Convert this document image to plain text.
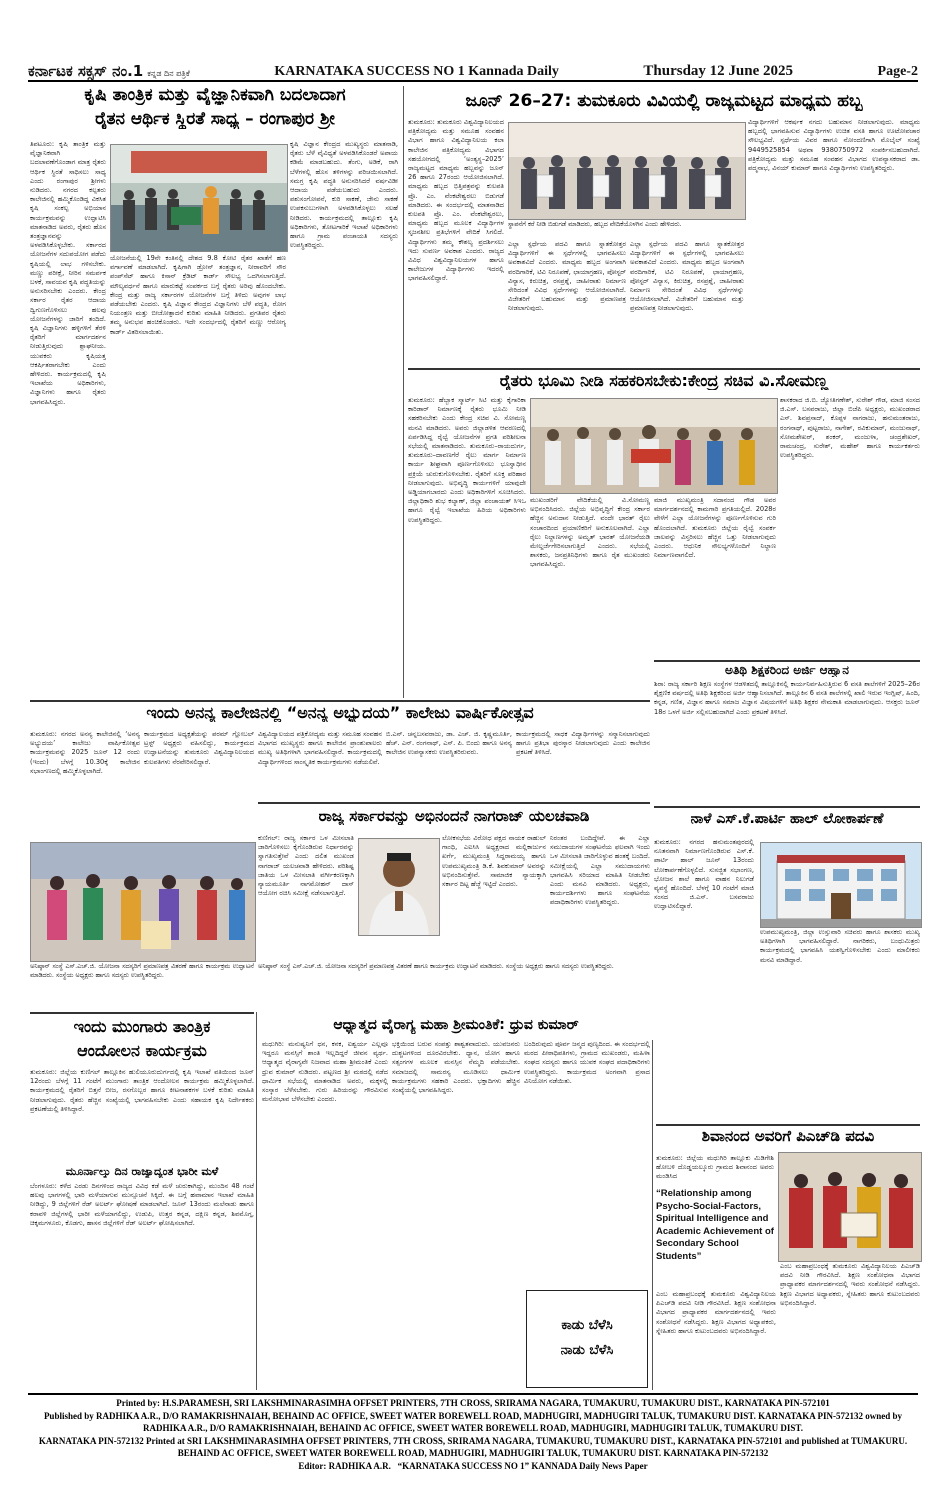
ಕರ್ನಾಟಕ ಸಕ್ಸಸ್ ನಂ.1 ಕನ್ನಡ ದಿನ ಪತ್ರಿಕೆ	KARNATAKA SUCCESS NO 1 Kannada Daily	Thursday 12 June 2025	Page-2
ಕೃಷಿ ತಾಂತ್ರಿಕ ಮತ್ತು ವೈಜ್ಞಾನಿಕವಾಗಿ ಬದಲಾದಾಗ
ರೈತನ ಆರ್ಥಿಕ ಸ್ಥಿರತೆ ಸಾಧ್ಯ – ರಂಗಾಪುರ ಶ್ರೀ
ತಿಪಟೂರು: ಕೃಷಿ ತಾಂತ್ರಿಕ ಮತ್ತು ವೈಜ್ಞಾನಿಕವಾಗಿ ಬದಲಾವಣೆಗೊಂಡಾಗ ಮಾತ್ರ ರೈತರು ಆರ್ಥಿಕ ಸ್ಥಿರತೆ ಸಾಧಿಸಲು ಸಾಧ್ಯ ಎಂದು ರಂಗಾಪುರ ಶ್ರೀಗಳು ನುಡಿದರು. ನಗರದ ಕಲ್ಪತರು ಕಾಲೇಜಿನಲ್ಲಿ ಹಮ್ಮಿಕೊಂಡಿದ್ದ ವಿಕಸಿತ ಕೃಷಿ ಸಂಕಲ್ಪ ಅಭಿಯಾನ ಕಾರ್ಯಕ್ರಮವನ್ನು ಉದ್ಘಾಟಿಸಿ ಮಾತನಾಡಿದ ಅವರು, ರೈತರು ಹೊಸ ತಂತ್ರಜ್ಞಾನವನ್ನು ಅಳವಡಿಸಿಕೊಳ್ಳಬೇಕು. ಸರ್ಕಾರದ ಯೋಜನೆಗಳ ಸದುಪಯೋಗ ಪಡೆದು ಕೃಷಿಯಲ್ಲಿ ಲಾಭ ಗಳಿಸಬೇಕು. ಮಣ್ಣು ಪರೀಕ್ಷೆ, ನೀರಿನ ಸಮರ್ಪಕ ಬಳಕೆ, ಸಾವಯವ ಕೃಷಿ ಪದ್ಧತಿಯನ್ನು ಅನುಸರಿಸಬೇಕು ಎಂದರು. ಕೇಂದ್ರ ಸರ್ಕಾರ ರೈತರ ಆದಾಯ ದ್ವಿಗುಣಗೊಳಿಸಲು ಹಲವು ಯೋಜನೆಗಳನ್ನು ಜಾರಿಗೆ ತಂದಿದೆ. ಕೃಷಿ ವಿಜ್ಞಾನಿಗಳು ಹಳ್ಳಿಗಳಿಗೆ ತೆರಳಿ ರೈತರಿಗೆ ಮಾರ್ಗದರ್ಶನ ನೀಡುತ್ತಿರುವುದು ಶ್ಲಾಘನೀಯ. ಯುವಕರು ಕೃಷಿಯತ್ತ ಆಕರ್ಷಿತರಾಗಬೇಕು ಎಂದು ಹೇಳಿದರು. ಕಾರ್ಯಕ್ರಮದಲ್ಲಿ ಕೃಷಿ ಇಲಾಖೆಯ ಅಧಿಕಾರಿಗಳು, ವಿಜ್ಞಾನಿಗಳು ಹಾಗೂ ರೈತರು ಭಾಗವಹಿಸಿದ್ದರು.
ಯೋಜನೆಯಲ್ಲಿ 19ನೇ ಕಂತಿನಲ್ಲಿ ದೇಶದ 9.8 ಕೋಟಿ ರೈತರ ಖಾತೆಗೆ ಹಣ ವರ್ಗಾವಣೆ ಮಾಡಲಾಗಿದೆ. ಕೃಷಿಗಾಗಿ ಡ್ರೋನ್ ತಂತ್ರಜ್ಞಾನ, ನೀರಾವರಿಗೆ ಸೌರ ಪಂಪ್‌ಸೆಟ್ ಹಾಗೂ ಕಿಸಾನ್ ಕ್ರೆಡಿಟ್ ಕಾರ್ಡ್ ಸೌಲಭ್ಯ ಒದಗಿಸಲಾಗುತ್ತಿದೆ. ಮೌಲ್ಯವರ್ಧನೆ ಹಾಗೂ ಮಾರುಕಟ್ಟೆ ಸಂಪರ್ಕದ ಬಗ್ಗೆ ರೈತರು ಅರಿವು ಹೊಂದಬೇಕು. ಕೇಂದ್ರ ಮತ್ತು ರಾಜ್ಯ ಸರ್ಕಾರಗಳ ಯೋಜನೆಗಳ ಬಗ್ಗೆ ತಿಳಿದು ಅವುಗಳ ಲಾಭ ಪಡೆಯಬೇಕು ಎಂದರು. ಕೃಷಿ ವಿಜ್ಞಾನ ಕೇಂದ್ರದ ವಿಜ್ಞಾನಿಗಳು ಬೆಳೆ ಪದ್ಧತಿ, ರೋಗ ನಿಯಂತ್ರಣ ಮತ್ತು ಬೀಜೋತ್ಪಾದನೆ ಕುರಿತು ಮಾಹಿತಿ ನೀಡಿದರು. ಪ್ರಗತಿಪರ ರೈತರು ತಮ್ಮ ಅನುಭವ ಹಂಚಿಕೊಂಡರು. ಇದೇ ಸಂದರ್ಭದಲ್ಲಿ ರೈತರಿಗೆ ಮಣ್ಣು ಆರೋಗ್ಯ ಕಾರ್ಡ್ ವಿತರಿಸಲಾಯಿತು.
ಕೃಷಿ ವಿಜ್ಞಾನ ಕೇಂದ್ರದ ಮುಖ್ಯಸ್ಥರು ಮಾತನಾಡಿ, ರೈತರು ಬೆಳೆ ವೈವಿಧ್ಯತೆ ಅಳವಡಿಸಿಕೊಂಡರೆ ಅಪಾಯ ಕಡಿಮೆ ಮಾಡಬಹುದು. ತೆಂಗು, ಅಡಿಕೆ, ರಾಗಿ ಬೆಳೆಗಳಲ್ಲಿ ಹೊಸ ತಳಿಗಳನ್ನು ಪರಿಚಯಿಸಲಾಗಿದೆ. ಸಮಗ್ರ ಕೃಷಿ ಪದ್ಧತಿ ಅನುಸರಿಸಿದರೆ ವರ್ಷವಿಡೀ ಆದಾಯ ಪಡೆಯಬಹುದು ಎಂದರು. ಪಶುಸಂಗೋಪನೆ, ಕುರಿ ಸಾಕಣೆ, ಜೇನು ಸಾಕಣೆ ಉಪಕಸುಬುಗಳಾಗಿ ಅಳವಡಿಸಿಕೊಳ್ಳಲು ಸಲಹೆ ನೀಡಿದರು. ಕಾರ್ಯಕ್ರಮದಲ್ಲಿ ತಾಲ್ಲೂಕು ಕೃಷಿ ಅಧಿಕಾರಿಗಳು, ತೋಟಗಾರಿಕೆ ಇಲಾಖೆ ಅಧಿಕಾರಿಗಳು ಹಾಗೂ ಗ್ರಾಮ ಪಂಚಾಯತಿ ಸದಸ್ಯರು ಉಪಸ್ಥಿತರಿದ್ದರು.
ಜೂನ್ 26–27: ತುಮಕೂರು ವಿವಿಯಲ್ಲಿ ರಾಜ್ಯಮಟ್ಟದ ಮಾಧ್ಯಮ ಹಬ್ಬ
ತುಮಕೂರು: ತುಮಕೂರು ವಿಶ್ವವಿದ್ಯಾನಿಲಯದ ಪತ್ರಿಕೋದ್ಯಮ ಮತ್ತು ಸಮೂಹ ಸಂವಹನ ವಿಭಾಗ ಹಾಗೂ ವಿಶ್ವವಿದ್ಯಾನಿಲಯ ಕಲಾ ಕಾಲೇಜಿನ ಪತ್ರಿಕೋದ್ಯಮ ವಿಭಾಗದ ಸಹಯೋಗದಲ್ಲಿ ‘ಅಂತ್ಯಸ್ಥ–2025’ ರಾಜ್ಯಮಟ್ಟದ ಮಾಧ್ಯಮ ಹಬ್ಬವನ್ನು ಜೂನ್ 26 ಹಾಗೂ 27ರಂದು ಆಯೋಜಿಸಲಾಗಿದೆ. ಮಾಧ್ಯಮ ಹಬ್ಬದ ಭಿತ್ತಿಪತ್ರವನ್ನು ಕುಲಪತಿ ಪ್ರೊ. ಎಂ. ವೆಂಕಟೇಶ್ವರಲು ಬಿಡುಗಡೆ ಮಾಡಿದರು. ಈ ಸಂದರ್ಭದಲ್ಲಿ ಮಾತನಾಡಿದ ಕುಲಪತಿ ಪ್ರೊ. ಎಂ. ವೆಂಕಟೇಶ್ವರಲು, ಮಾಧ್ಯಮ ಹಬ್ಬದ ಮೂಲಕ ವಿದ್ಯಾರ್ಥಿಗಳ ಸೃಜನಶೀಲ ಪ್ರತಿಭೆಗಳಿಗೆ ವೇದಿಕೆ ಸಿಗಲಿದೆ. ವಿದ್ಯಾರ್ಥಿಗಳು ತಮ್ಮ ಕೌಶಲ್ಯ ಪ್ರದರ್ಶಿಸಲು ಇದು ಸುವರ್ಣ ಅವಕಾಶ ಎಂದರು. ರಾಜ್ಯದ ವಿವಿಧ ವಿಶ್ವವಿದ್ಯಾನಿಲಯಗಳ ಹಾಗೂ ಕಾಲೇಜುಗಳ ವಿದ್ಯಾರ್ಥಿಗಳು ಇದರಲ್ಲಿ ಭಾಗವಹಿಸಲಿದ್ದಾರೆ.
ಸ್ಥಾಪನೆಗೆ ಕರೆ ನೀಡಿ ಬಿಡುಗಡೆ ಮಾಡಿದರು, ಹಬ್ಬದ ವೇದಿಕೆಯೊಳಗಿನ ಎಂದು ಹೇಳಿದರು.
ಎಲ್ಲಾ ಸ್ಪರ್ಧೆಯ ಪದವಿ ಹಾಗೂ ಸ್ನಾತಕೋತ್ತರ ವಿದ್ಯಾರ್ಥಿಗಳಿಗೆ ಈ ಸ್ಪರ್ಧೆಗಳಲ್ಲಿ ಭಾಗವಹಿಸಲು ಅವಕಾಶವಿದೆ ಎಂದರು. ಮಾಧ್ಯಮ ಹಬ್ಬದ ಅಂಗವಾಗಿ ವರದಿಗಾರಿಕೆ, ಟಿವಿ ನಿರೂಪಣೆ, ಛಾಯಾಗ್ರಹಣ, ಪೋಸ್ಟರ್ ವಿನ್ಯಾಸ, ಕಿರುಚಿತ್ರ, ರಸಪ್ರಶ್ನೆ, ಜಾಹೀರಾತು ನಿರ್ಮಾಣ ಸೇರಿದಂತೆ ವಿವಿಧ ಸ್ಪರ್ಧೆಗಳನ್ನು ಆಯೋಜಿಸಲಾಗಿದೆ. ವಿಜೇತರಿಗೆ ಬಹುಮಾನ ಮತ್ತು ಪ್ರಮಾಣಪತ್ರ ನೀಡಲಾಗುವುದು.
ಎಲ್ಲಾ ಸ್ಪರ್ಧೆಯ ಪದವಿ ಹಾಗೂ ಸ್ನಾತಕೋತ್ತರ ವಿದ್ಯಾರ್ಥಿಗಳಿಗೆ ಈ ಸ್ಪರ್ಧೆಗಳಲ್ಲಿ ಭಾಗವಹಿಸಲು ಅವಕಾಶವಿದೆ ಎಂದರು. ಮಾಧ್ಯಮ ಹಬ್ಬದ ಅಂಗವಾಗಿ ವರದಿಗಾರಿಕೆ, ಟಿವಿ ನಿರೂಪಣೆ, ಛಾಯಾಗ್ರಹಣ, ಪೋಸ್ಟರ್ ವಿನ್ಯಾಸ, ಕಿರುಚಿತ್ರ, ರಸಪ್ರಶ್ನೆ, ಜಾಹೀರಾತು ನಿರ್ಮಾಣ ಸೇರಿದಂತೆ ವಿವಿಧ ಸ್ಪರ್ಧೆಗಳನ್ನು ಆಯೋಜಿಸಲಾಗಿದೆ. ವಿಜೇತರಿಗೆ ಬಹುಮಾನ ಮತ್ತು ಪ್ರಮಾಣಪತ್ರ ನೀಡಲಾಗುವುದು.
ವಿದ್ಯಾರ್ಥಿಗಳಿಗೆ ಆಕರ್ಷಕ ನಗದು ಬಹುಮಾನ ನೀಡಲಾಗುವುದು. ಮಾಧ್ಯಮ ಹಬ್ಬದಲ್ಲಿ ಭಾಗವಹಿಸುವ ವಿದ್ಯಾರ್ಥಿಗಳು ಉಚಿತ ವಸತಿ ಹಾಗೂ ಊಟೋಪಚಾರ ಸೌಲಭ್ಯವಿದೆ. ಸ್ಪರ್ಧೆಯ ವಿವರ ಹಾಗೂ ನೋಂದಣಿಗಾಗಿ ಮೊಬೈಲ್ ಸಂಖ್ಯೆ 9449525854 ಅಥವಾ 9380750972 ಸಂಪರ್ಕಿಸಬಹುದಾಗಿದೆ. ಪತ್ರಿಕೋದ್ಯಮ ಮತ್ತು ಸಮೂಹ ಸಂವಹನ ವಿಭಾಗದ ಉಪನ್ಯಾಸಕರಾದ ಡಾ. ಪದ್ಮನಾಭ, ವಿನಯ್ ಕುಮಾರ್ ಹಾಗೂ ವಿದ್ಯಾರ್ಥಿಗಳು ಉಪಸ್ಥಿತರಿದ್ದರು.
ರೈತರು ಭೂಮಿ ನೀಡಿ ಸಹಕರಿಸಬೇಕು:ಕೇಂದ್ರ ಸಚಿವ ವಿ.ಸೋಮಣ್ಣ
ತುಮಕೂರು: ಹೆಬ್ಬಾಕ ಸ್ಮಾರ್ಟ್ ಸಿಟಿ ಮತ್ತು ಕೈಗಾರಿಕಾ ಕಾರಿಡಾರ್ ನಿರ್ಮಾಣಕ್ಕೆ ರೈತರು ಭೂಮಿ ನೀಡಿ ಸಹಕರಿಸಬೇಕು ಎಂದು ಕೇಂದ್ರ ಸಚಿವ ವಿ. ಸೋಮಣ್ಣ ಮನವಿ ಮಾಡಿದರು. ಅವರು ಜಿಲ್ಲಾಡಳಿತ ಆವರಣದಲ್ಲಿ ಏರ್ಪಡಿಸಿದ್ದ ರೈಲ್ವೆ ಯೋಜನೆಗಳ ಪ್ರಗತಿ ಪರಿಶೀಲನಾ ಸಭೆಯಲ್ಲಿ ಮಾತನಾಡಿದರು. ತುಮಕೂರು–ರಾಯದುರ್ಗ, ತುಮಕೂರು–ದಾವಣಗೆರೆ ರೈಲು ಮಾರ್ಗ ನಿರ್ಮಾಣ ಕಾರ್ಯ ಶೀಘ್ರವಾಗಿ ಪೂರ್ಣಗೊಳಿಸಲು ಭೂಸ್ವಾಧೀನ ಪ್ರಕ್ರಿಯೆ ಚುರುಕುಗೊಳಿಸಬೇಕು. ರೈತರಿಗೆ ಸೂಕ್ತ ಪರಿಹಾರ ನೀಡಲಾಗುವುದು. ಅಭಿವೃದ್ಧಿ ಕಾರ್ಯಗಳಿಗೆ ಯಾವುದೇ ಅಡ್ಡಿಯಾಗಬಾರದು ಎಂದು ಅಧಿಕಾರಿಗಳಿಗೆ ಸೂಚಿಸಿದರು. ಜಿಲ್ಲಾಧಿಕಾರಿ ಶುಭ ಕಲ್ಯಾಣ್, ಜಿಲ್ಲಾ ಪಂಚಾಯತ್ ಸಿಇಒ ಹಾಗೂ ರೈಲ್ವೆ ಇಲಾಖೆಯ ಹಿರಿಯ ಅಧಿಕಾರಿಗಳು ಉಪಸ್ಥಿತರಿದ್ದರು.
ಮುಖಂಡರಿಗೆ ವೇದಿಕೆಯಲ್ಲಿ ವಿ.ಸೋಮಣ್ಣ ಅಭಿನಂದಿಸಿದರು. ಜಿಲ್ಲೆಯ ಅಭಿವೃದ್ಧಿಗೆ ಕೇಂದ್ರ ಸರ್ಕಾರ ಹೆಚ್ಚಿನ ಅನುದಾನ ನೀಡುತ್ತಿದೆ. ವಂದೇ ಭಾರತ್ ರೈಲು ಸಂಚಾರದಿಂದ ಪ್ರಯಾಣಿಕರಿಗೆ ಅನುಕೂಲವಾಗಿದೆ. ಎಲ್ಲಾ ರೈಲು ನಿಲ್ದಾಣಗಳನ್ನು ಅಮೃತ್ ಭಾರತ್ ಯೋಜನೆಯಡಿ ಮೇಲ್ದರ್ಜೆಗೇರಿಸಲಾಗುತ್ತಿದೆ ಎಂದರು. ಸಭೆಯಲ್ಲಿ ಶಾಸಕರು, ಜನಪ್ರತಿನಿಧಿಗಳು ಹಾಗೂ ರೈತ ಮುಖಂಡರು ಭಾಗವಹಿಸಿದ್ದರು.
ಮಾಜಿ ಮುಖ್ಯಮಂತ್ರಿ ಸದಾನಂದ ಗೌಡ ಅವರ ಮಾರ್ಗದರ್ಶನದಲ್ಲಿ ಕಾಮಗಾರಿ ಪ್ರಗತಿಯಲ್ಲಿದೆ. 2028ರ ವೇಳೆಗೆ ಎಲ್ಲಾ ಯೋಜನೆಗಳನ್ನು ಪೂರ್ಣಗೊಳಿಸುವ ಗುರಿ ಹೊಂದಲಾಗಿದೆ. ತುಮಕೂರು ಜಿಲ್ಲೆಯ ರೈಲ್ವೆ ಸಂಪರ್ಕ ಜಾಲವನ್ನು ವಿಸ್ತರಿಸಲು ಹೆಚ್ಚಿನ ಒತ್ತು ನೀಡಲಾಗುವುದು ಎಂದರು. ಆಧುನಿಕ ಸೌಲಭ್ಯಗಳೊಂದಿಗೆ ನಿಲ್ದಾಣ ನಿರ್ಮಾಣವಾಗಲಿದೆ.
ಶಾಸಕರಾದ ಜಿ.ಬಿ. ಜ್ಯೋತಿಗಣೇಶ್, ಸುರೇಶ್ ಗೌಡ, ಮಾಜಿ ಸಂಸದ ಜಿ.ಎಸ್. ಬಸವರಾಜು, ಜಿಲ್ಲಾ ಬಿಜೆಪಿ ಅಧ್ಯಕ್ಷರು, ಮುಖಂಡರಾದ ಎಸ್. ಶಿವಪ್ರಸಾದ್, ಕೊಪ್ಪಳ ನಾಗರಾಜು, ಹನುಮಂತರಾಜು, ರಂಗನಾಥ್, ಪುಟ್ಟರಾಜು, ನಾಗೇಶ್, ರವಿಕುಮಾರ್, ಮಂಜುನಾಥ್, ಸೋಮಶೇಖರ್, ಶಂಕರ್, ಮಂಜುಳಾ, ಚಂದ್ರಶೇಖರ್, ರಾಮಚಂದ್ರ, ಸುರೇಶ್, ಮಹೇಶ್ ಹಾಗೂ ಕಾರ್ಯಕರ್ತರು ಉಪಸ್ಥಿತರಿದ್ದರು.
ಅತಿಥಿ ಶಿಕ್ಷಕರಿಂದ ಅರ್ಜಿ ಆಹ್ವಾನ
ಶಿರಾ: ರಾಜ್ಯ ಸರ್ಕಾರಿ ಶಿಕ್ಷಣ ಸಂಸ್ಥೆಗಳ ಆಡಳಿತದಲ್ಲಿ ತಾಲ್ಲೂಕಿನಲ್ಲಿ ಕಾರ್ಯನಿರ್ವಹಿಸುತ್ತಿರುವ 6 ವಸತಿ ಶಾಲೆಗಳಿಗೆ 2025–26ರ ಶೈಕ್ಷಣಿಕ ವರ್ಷದಲ್ಲಿ ಅತಿಥಿ ಶಿಕ್ಷಕರಿಂದ ಅರ್ಜಿ ಆಹ್ವಾನಿಸಲಾಗಿದೆ. ತಾಲ್ಲೂಕಿನ 6 ವಸತಿ ಶಾಲೆಗಳಲ್ಲಿ ಖಾಲಿ ಇರುವ ಇಂಗ್ಲಿಷ್, ಹಿಂದಿ, ಕನ್ನಡ, ಗಣಿತ, ವಿಜ್ಞಾನ ಹಾಗೂ ಸಮಾಜ ವಿಜ್ಞಾನ ವಿಷಯಗಳಿಗೆ ಅತಿಥಿ ಶಿಕ್ಷಕರ ನೇಮಕಾತಿ ಮಾಡಲಾಗುವುದು. ಆಸಕ್ತರು ಜೂನ್ 18ರ ಒಳಗೆ ಅರ್ಜಿ ಸಲ್ಲಿಸಬಹುದಾಗಿದೆ ಎಂದು ಪ್ರಕಟಣೆ ತಿಳಿಸಿದೆ.
ಇಂದು ಅನನ್ಯ ಕಾಲೇಜಿನಲ್ಲಿ “ಅನನ್ಯ ಅಭ್ಯುದಯ” ಕಾಲೇಜು ವಾರ್ಷಿಕೋತ್ಸವ
ತುಮಕೂರು: ನಗರದ ಅನನ್ಯ ಕಾಲೇಜಿನಲ್ಲಿ ‘ಅನನ್ಯ ಅಭ್ಯುದಯ’ ಕಾಲೇಜು ವಾರ್ಷಿಕೋತ್ಸವ ಕಾರ್ಯಕ್ರಮವನ್ನು 2025 ಜೂನ್ 12 ರಂದು (ಇಂದು) ಬೆಳಗ್ಗೆ 10.30ಕ್ಕೆ ಕಾಲೇಜಿನ ಸಭಾಂಗಣದಲ್ಲಿ ಹಮ್ಮಿಕೊಳ್ಳಲಾಗಿದೆ.
ಕಾರ್ಯಕ್ರಮದ ಅಧ್ಯಕ್ಷತೆಯನ್ನು ಪರಮ್ ಗ್ಲೋಬಲ್ ಟ್ರಸ್ಟ್ ಅಧ್ಯಕ್ಷರು ವಹಿಸಲಿದ್ದು, ಕಾರ್ಯಕ್ರಮದ ಉದ್ಘಾಟನೆಯನ್ನು ತುಮಕೂರು ವಿಶ್ವವಿದ್ಯಾನಿಲಯದ ಕುಲಪತಿಗಳು ನೆರವೇರಿಸಲಿದ್ದಾರೆ.
ವಿಶ್ವವಿದ್ಯಾಲಯದ ಪತ್ರಿಕೋದ್ಯಮ ಮತ್ತು ಸಮೂಹ ಸಂವಹನ ವಿಭಾಗದ ಮುಖ್ಯಸ್ಥರು ಹಾಗೂ ಕಾಲೇಜಿನ ಪ್ರಾಂಶುಪಾಲರು ಮುಖ್ಯ ಅತಿಥಿಗಳಾಗಿ ಭಾಗವಹಿಸಲಿದ್ದಾರೆ. ಕಾರ್ಯಕ್ರಮದಲ್ಲಿ ವಿದ್ಯಾರ್ಥಿಗಳಿಂದ ಸಾಂಸ್ಕೃತಿಕ ಕಾರ್ಯಕ್ರಮಗಳು ನಡೆಯಲಿವೆ.
ಬಿ.ಎನ್. ಚನ್ನಬಸವರಾಜು, ಡಾ. ಎಚ್. ಜಿ. ಕೃಷ್ಣಮೂರ್ತಿ, ಹೆಚ್. ಎನ್. ರಂಗನಾಥ್, ಎಸ್. ಪಿ. ಬಿಂದು ಹಾಗೂ ಅನನ್ಯ ಕಾಲೇಜಿನ ಉಪನ್ಯಾಸಕರು ಉಪಸ್ಥಿತರಿರುವರು.
ಕಾರ್ಯಕ್ರಮದಲ್ಲಿ ಸಾಧಕ ವಿದ್ಯಾರ್ಥಿಗಳನ್ನು ಸನ್ಮಾನಿಸಲಾಗುವುದು ಹಾಗೂ ಪ್ರತಿಭಾ ಪುರಸ್ಕಾರ ನೀಡಲಾಗುವುದು ಎಂದು ಕಾಲೇಜಿನ ಪ್ರಕಟಣೆ ತಿಳಿಸಿದೆ.
ಅನಿಷ್ಠಾನ್ ಸಂಸ್ಥೆ ಎಸ್.ಎಚ್.ಜಿ. ಯೋಜನಾ ಸದಸ್ಯರಿಗೆ ಪ್ರಮಾಣಪತ್ರ ವಿತರಣೆ ಹಾಗೂ ಕಾರ್ಯಕ್ರಮ ಉದ್ಘಾಟನೆ ಮಾಡಿದರು. ಸಂಸ್ಥೆಯ ಅಧ್ಯಕ್ಷರು ಹಾಗೂ ಸದಸ್ಯರು ಉಪಸ್ಥಿತರಿದ್ದರು.
ಅನಿಷ್ಠಾನ್ ಸಂಸ್ಥೆ ಎಸ್.ಎಚ್.ಜಿ. ಯೋಜನಾ ಸದಸ್ಯರಿಗೆ ಪ್ರಮಾಣಪತ್ರ ವಿತರಣೆ ಹಾಗೂ ಕಾರ್ಯಕ್ರಮ ಉದ್ಘಾಟನೆ ಮಾಡಿದರು. ಸಂಸ್ಥೆಯ ಅಧ್ಯಕ್ಷರು ಹಾಗೂ ಸದಸ್ಯರು ಉಪಸ್ಥಿತರಿದ್ದರು.
ರಾಜ್ಯ ಸರ್ಕಾರವನ್ನು ಅಭಿನಂದನೆ ನಾಗರಾಜ್ ಯಲಚವಾಡಿ
ಕುಣಿಗಲ್: ರಾಜ್ಯ ಸರ್ಕಾರ ಒಳ ಮೀಸಲಾತಿ ಜಾರಿಗೊಳಿಸಲು ಕೈಗೊಂಡಿರುವ ನಿರ್ಧಾರವನ್ನು ಸ್ವಾಗತಿಸುತ್ತೇವೆ ಎಂದು ದಲಿತ ಮುಖಂಡ ನಾಗರಾಜ್ ಯಲಚವಾಡಿ ಹೇಳಿದರು. ಪರಿಶಿಷ್ಟ ಜಾತಿಯ ಒಳ ಮೀಸಲಾತಿ ವರ್ಗೀಕರಣಕ್ಕಾಗಿ ನ್ಯಾಯಮೂರ್ತಿ ನಾಗಮೋಹನ್ ದಾಸ್ ಆಯೋಗ ರಚಿಸಿ ಸಮೀಕ್ಷೆ ನಡೆಸಲಾಗುತ್ತಿದೆ.
ಲೋಕಸಭೆಯ ವಿರೋಧ ಪಕ್ಷದ ನಾಯಕ ರಾಹುಲ್ ಗಾಂಧಿ, ಎಐಸಿಸಿ ಅಧ್ಯಕ್ಷರಾದ ಮಲ್ಲಿಕಾರ್ಜುನ ಖರ್ಗೆ, ಮುಖ್ಯಮಂತ್ರಿ ಸಿದ್ದರಾಮಯ್ಯ ಹಾಗೂ ಉಪಮುಖ್ಯಮಂತ್ರಿ ಡಿ.ಕೆ. ಶಿವಕುಮಾರ್ ಅವರನ್ನು ಅಭಿನಂದಿಸುತ್ತೇವೆ. ಸಾಮಾಜಿಕ ನ್ಯಾಯಕ್ಕಾಗಿ ಸರ್ಕಾರ ದಿಟ್ಟ ಹೆಜ್ಜೆ ಇಟ್ಟಿದೆ ಎಂದರು.
ನಿರಂತರ ಬಂದಿದ್ದೇವೆ. ಈ ಎಲ್ಲಾ ಸಮುದಾಯಗಳ ಸಂಘಟನೆಯ ಫಲವಾಗಿ ಇಂದು ಒಳ ಮೀಸಲಾತಿ ಜಾರಿಗೊಳ್ಳುವ ಹಂತಕ್ಕೆ ಬಂದಿದೆ. ಸಮೀಕ್ಷೆಯಲ್ಲಿ ಎಲ್ಲಾ ಸಮುದಾಯಗಳು ಭಾಗವಹಿಸಿ ಸರಿಯಾದ ಮಾಹಿತಿ ನೀಡಬೇಕು ಎಂದು ಮನವಿ ಮಾಡಿದರು. ಅಧ್ಯಕ್ಷರು, ಕಾರ್ಯದರ್ಶಿಗಳು ಹಾಗೂ ಸಂಘಟನೆಯ ಪದಾಧಿಕಾರಿಗಳು ಉಪಸ್ಥಿತರಿದ್ದರು.
ನಾಳೆ ಎಸ್.ಕೆ.ಪಾರ್ಟಿ ಹಾಲ್ ಲೋಕಾರ್ಪಣೆ
ತುಮಕೂರು: ನಗರದ ಹನುಮಂತಪುರದಲ್ಲಿ ನೂತನವಾಗಿ ನಿರ್ಮಾಣಗೊಂಡಿರುವ ಎಸ್.ಕೆ. ಪಾರ್ಟಿ ಹಾಲ್ ಜೂನ್ 13ರಂದು ಲೋಕಾರ್ಪಣೆಗೊಳ್ಳಲಿದೆ. ಸುಸಜ್ಜಿತ ಸಭಾಂಗಣ, ಭೋಜನ ಶಾಲೆ ಹಾಗೂ ವಾಹನ ನಿಲುಗಡೆ ವ್ಯವಸ್ಥೆ ಹೊಂದಿದೆ. ಬೆಳಗ್ಗೆ 10 ಗಂಟೆಗೆ ಮಾಜಿ ಸಂಸದ ಜಿ.ಎಸ್. ಬಸವರಾಜು ಉದ್ಘಾಟಿಸಲಿದ್ದಾರೆ.
ಉಪಮುಖ್ಯಮಂತ್ರಿ, ಜಿಲ್ಲಾ ಉಸ್ತುವಾರಿ ಸಚಿವರು ಹಾಗೂ ಶಾಸಕರು ಮುಖ್ಯ ಅತಿಥಿಗಳಾಗಿ ಭಾಗವಹಿಸಲಿದ್ದಾರೆ. ನಾಗರಿಕರು, ಬಂಧುಮಿತ್ರರು ಕಾರ್ಯಕ್ರಮದಲ್ಲಿ ಭಾಗವಹಿಸಿ ಯಶಸ್ವಿಗೊಳಿಸಬೇಕು ಎಂದು ಮಾಲೀಕರು ಮನವಿ ಮಾಡಿದ್ದಾರೆ.
ಇಂದು ಮುಂಗಾರು ತಾಂತ್ರಿಕ
ಆಂದೋಲನ ಕಾರ್ಯಕ್ರಮ
ತುಮಕೂರು: ಜಿಲ್ಲೆಯ ಕುಣಿಗಲ್ ತಾಲ್ಲೂಕಿನ ಹುಲಿಯೂರುದುರ್ಗದಲ್ಲಿ ಕೃಷಿ ಇಲಾಖೆ ವತಿಯಿಂದ ಜೂನ್ 12ರಂದು ಬೆಳಗ್ಗೆ 11 ಗಂಟೆಗೆ ಮುಂಗಾರು ತಾಂತ್ರಿಕ ಆಂದೋಲನ ಕಾರ್ಯಕ್ರಮ ಹಮ್ಮಿಕೊಳ್ಳಲಾಗಿದೆ. ಕಾರ್ಯಕ್ರಮದಲ್ಲಿ ರೈತರಿಗೆ ಬಿತ್ತನೆ ಬೀಜ, ರಸಗೊಬ್ಬರ ಹಾಗೂ ಕೀಟನಾಶಕಗಳ ಬಳಕೆ ಕುರಿತು ಮಾಹಿತಿ ನೀಡಲಾಗುವುದು. ರೈತರು ಹೆಚ್ಚಿನ ಸಂಖ್ಯೆಯಲ್ಲಿ ಭಾಗವಹಿಸಬೇಕು ಎಂದು ಸಹಾಯಕ ಕೃಷಿ ನಿರ್ದೇಶಕರು ಪ್ರಕಟಣೆಯಲ್ಲಿ ತಿಳಿಸಿದ್ದಾರೆ.
ಮೂರ್ನಾಲ್ಕು ದಿನ ರಾಜ್ಯಾದ್ಯಂತ ಭಾರೀ ಮಳೆ
ಬೆಂಗಳೂರು: ಕಳೆದ ಎರಡು ದಿನಗಳಿಂದ ರಾಜ್ಯದ ವಿವಿಧ ಕಡೆ ಮಳೆ ಚುರುಕಾಗಿದ್ದು, ಮುಂದಿನ 48 ಗಂಟೆ ಹಲವು ಭಾಗಗಳಲ್ಲಿ ಭಾರಿ ಮಳೆಯಾಗುವ ಮುನ್ಸೂಚನೆ ಸಿಕ್ಕಿದೆ. ಈ ಬಗ್ಗೆ ಹವಾಮಾನ ಇಲಾಖೆ ಮಾಹಿತಿ ನೀಡಿದ್ದು, 9 ಜಿಲ್ಲೆಗಳಿಗೆ ರೆಡ್ ಅಲರ್ಟ್ ಘೋಷಣೆ ಮಾಡಲಾಗಿದೆ. ಜೂನ್ 13ರಂದು ಮಲೆನಾಡು ಹಾಗೂ ಕರಾವಳಿ ಜಿಲ್ಲೆಗಳಲ್ಲಿ ಭಾರೀ ಮಳೆಯಾಗಲಿದ್ದು, ಉಡುಪಿ, ಉತ್ತರ ಕನ್ನಡ, ದಕ್ಷಿಣ ಕನ್ನಡ, ಶಿವಮೊಗ್ಗ, ಚಿಕ್ಕಮಗಳೂರು, ಕೊಡಗು, ಹಾಸನ ಜಿಲ್ಲೆಗಳಿಗೆ ರೆಡ್ ಅಲರ್ಟ್ ಘೋಷಿಸಲಾಗಿದೆ.
ಆಧ್ಯಾತ್ಮದ ವೈರಾಗ್ಯ ಮಹಾ ಶ್ರೀಮಂತಿಕೆ: ಧ್ರುವ ಕುಮಾರ್
ಮಧುಗಿರಿ: ಮನುಷ್ಯನಿಗೆ ಧನ, ಕನಕ, ಐಶ್ವರ್ಯ ಎಲ್ಲವೂ ಇದ್ದರೂ ಮನಸ್ಸಿಗೆ ಶಾಂತಿ ಇಲ್ಲದಿದ್ದರೆ ಜೀವನ ವ್ಯರ್ಥ. ಆಧ್ಯಾತ್ಮದ ವೈರಾಗ್ಯವೇ ನಿಜವಾದ ಮಹಾ ಶ್ರೀಮಂತಿಕೆ ಎಂದು ಧ್ರುವ ಕುಮಾರ್ ನುಡಿದರು. ಪಟ್ಟಣದ ಶ್ರೀ ಮಠದಲ್ಲಿ ನಡೆದ ಧಾರ್ಮಿಕ ಸಭೆಯಲ್ಲಿ ಮಾತನಾಡಿದ ಅವರು, ಮಕ್ಕಳಲ್ಲಿ ಸಂಸ್ಕಾರ ಬೆಳೆಸಬೇಕು. ಗುರು ಹಿರಿಯರನ್ನು ಗೌರವಿಸುವ ಮನೋಭಾವ ಬೆಳೆಸಬೇಕು ಎಂದರು.
ಭಕ್ತಿಯಿಂದ ಬರುವ ಸಂಪತ್ತು ಶಾಶ್ವತವಾದುದು. ಯುವಜನರು ದುಶ್ಚಟಗಳಿಂದ ದೂರವಿರಬೇಕು. ಧ್ಯಾನ, ಯೋಗ ಹಾಗೂ ಸತ್ಸಂಗಗಳ ಮೂಲಕ ಮನಸ್ಸಿನ ನೆಮ್ಮದಿ ಪಡೆಯಬೇಕು. ಸಮಾಜದಲ್ಲಿ ಸಾಮರಸ್ಯ ಮೂಡಿಸಲು ಧಾರ್ಮಿಕ ಕಾರ್ಯಕ್ರಮಗಳು ಸಹಕಾರಿ ಎಂದರು. ಭಕ್ತಾದಿಗಳು ಹೆಚ್ಚಿನ ಸಂಖ್ಯೆಯಲ್ಲಿ ಭಾಗವಹಿಸಿದ್ದರು.
ಬಂದಿರುವುದು ಪೂರ್ವ ಜನ್ಮದ ಪುಣ್ಯದಿಂದ. ಈ ಸಂದರ್ಭದಲ್ಲಿ ಮಠದ ಪೀಠಾಧಿಪತಿಗಳು, ಗ್ರಾಮದ ಮುಖಂಡರು, ಮಹಿಳಾ ಸಂಘದ ಸದಸ್ಯರು ಹಾಗೂ ಯುವಕ ಸಂಘದ ಪದಾಧಿಕಾರಿಗಳು ಉಪಸ್ಥಿತರಿದ್ದರು. ಕಾರ್ಯಕ್ರಮದ ಅಂಗವಾಗಿ ಪ್ರಸಾದ ವಿನಿಯೋಗ ನಡೆಯಿತು.
ಕಾಡು ಬೆಳೆಸಿ
ನಾಡು ಬೆಳೆಸಿ
ಶಿವಾನಂದ ಅವರಿಗೆ ಪಿಎಚ್‌ಡಿ ಪದವಿ
ತುಮಕೂರು: ಜಿಲ್ಲೆಯ ಮಧುಗಿರಿ ತಾಲ್ಲೂಕು ಮಿಡಿಗೇಶಿ ಹೋಬಳಿ ದೊಡ್ಡಯಲ್ಕೂರು ಗ್ರಾಮದ ಶಿವಾನಂದ ಅವರು ಮಂಡಿಸಿದ
“Relationship among Psycho-Social-Factors, Spiritual Intelligence and Academic Achievement of Secondary School Students”
ಎಂಬ ಮಹಾಪ್ರಬಂಧಕ್ಕೆ ತುಮಕೂರು ವಿಶ್ವವಿದ್ಯಾನಿಲಯ ಪಿಎಚ್‌ಡಿ ಪದವಿ ನೀಡಿ ಗೌರವಿಸಿದೆ. ಶಿಕ್ಷಣ ಸಂಶೋಧನಾ ವಿಭಾಗದ ಪ್ರಾಧ್ಯಾಪಕರ ಮಾರ್ಗದರ್ಶನದಲ್ಲಿ ಇವರು ಸಂಶೋಧನೆ ನಡೆಸಿದ್ದರು. ಶಿಕ್ಷಣ ವಿಭಾಗದ ಅಧ್ಯಾಪಕರು, ಸ್ನೇಹಿತರು ಹಾಗೂ ಕುಟುಂಬದವರು ಅಭಿನಂದಿಸಿದ್ದಾರೆ.
ಎಂಬ ಮಹಾಪ್ರಬಂಧಕ್ಕೆ ತುಮಕೂರು ವಿಶ್ವವಿದ್ಯಾನಿಲಯ ಪಿಎಚ್‌ಡಿ ಪದವಿ ನೀಡಿ ಗೌರವಿಸಿದೆ. ಶಿಕ್ಷಣ ಸಂಶೋಧನಾ ವಿಭಾಗದ ಪ್ರಾಧ್ಯಾಪಕರ ಮಾರ್ಗದರ್ಶನದಲ್ಲಿ ಇವರು ಸಂಶೋಧನೆ ನಡೆಸಿದ್ದರು. ಶಿಕ್ಷಣ ವಿಭಾಗದ ಅಧ್ಯಾಪಕರು, ಸ್ನೇಹಿತರು ಹಾಗೂ ಕುಟುಂಬದವರು ಅಭಿನಂದಿಸಿದ್ದಾರೆ.
Printed by: H.S.PARAMESH, SRI LAKSHMINARASIMHA OFFSET PRINTERS, 7TH CROSS, SRIRAMA NAGARA, TUMAKURU, TUMAKURU DIST., KARNATAKA PIN-572101
Published by RADHIKA A.R., D/O RAMAKRISHNAIAH, BEHAIND AC OFFICE, SWEET WATER BOREWELL ROAD, MADHUGIRI, MADHUGIRI TALUK, TUMAKURU DIST. KARNATAKA PIN-572132 owned by RADHIKA A.R., D/O RAMAKRISHNAIAH, BEHAIND AC OFFICE, SWEET WATER BOREWELL ROAD, MADHUGIRI, MADHUGIRI TALUK, TUMAKURU DIST.
KARNATAKA PIN-572132 Printed at SRI LAKSHMINARASIMHA OFFSET PRINTERS, 7TH CROSS, SRIRAMA NAGARA, TUMAKURU, TUMAKURU DIST., KARNATAKA PIN-572101 and published at TUMAKURU. BEHAIND AC OFFICE, SWEET WATER BOREWELL ROAD, MADHUGIRI, MADHUGIRI TALUK, TUMAKURU DIST. KARNATAKA PIN-572132
Editor: RADHIKA A.R. “KARNATAKA SUCCESS NO 1” KANNADA Daily News Paper
